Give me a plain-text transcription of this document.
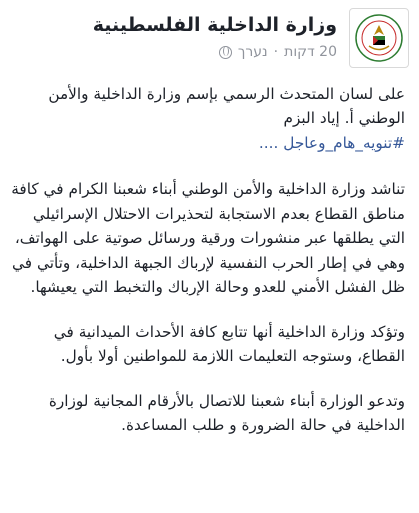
وزارة الداخلية الفلسطينية
20 דקות
·
נערך

على لسان المتحدث الرسمي بإسم وزارة الداخلية والأمن

الوطني أ. إياد البزم

#تنويه_هام_وعاجل ....

تناشد وزارة الداخلية والأمن الوطني أبناء شعبنا الكرام في كافة مناطق القطاع بعدم الاستجابة لتحذيرات الاحتلال الإسرائيلي التي يطلقها عبر منشورات ورقية ورسائل صوتية على الهواتف، وهي في إطار الحرب النفسية لإرباك الجبهة الداخلية، وتأتي في ظل الفشل الأمني للعدو وحالة الإرباك والتخبط التي يعيشها.

وتؤكد وزارة الداخلية أنها تتابع كافة الأحداث الميدانية في القطاع، وستوجه التعليمات اللازمة للمواطنين أولا بأول.

وتدعو الوزارة أبناء شعبنا للاتصال بالأرقام المجانية لوزارة الداخلية في حالة الضرورة و طلب المساعدة.
